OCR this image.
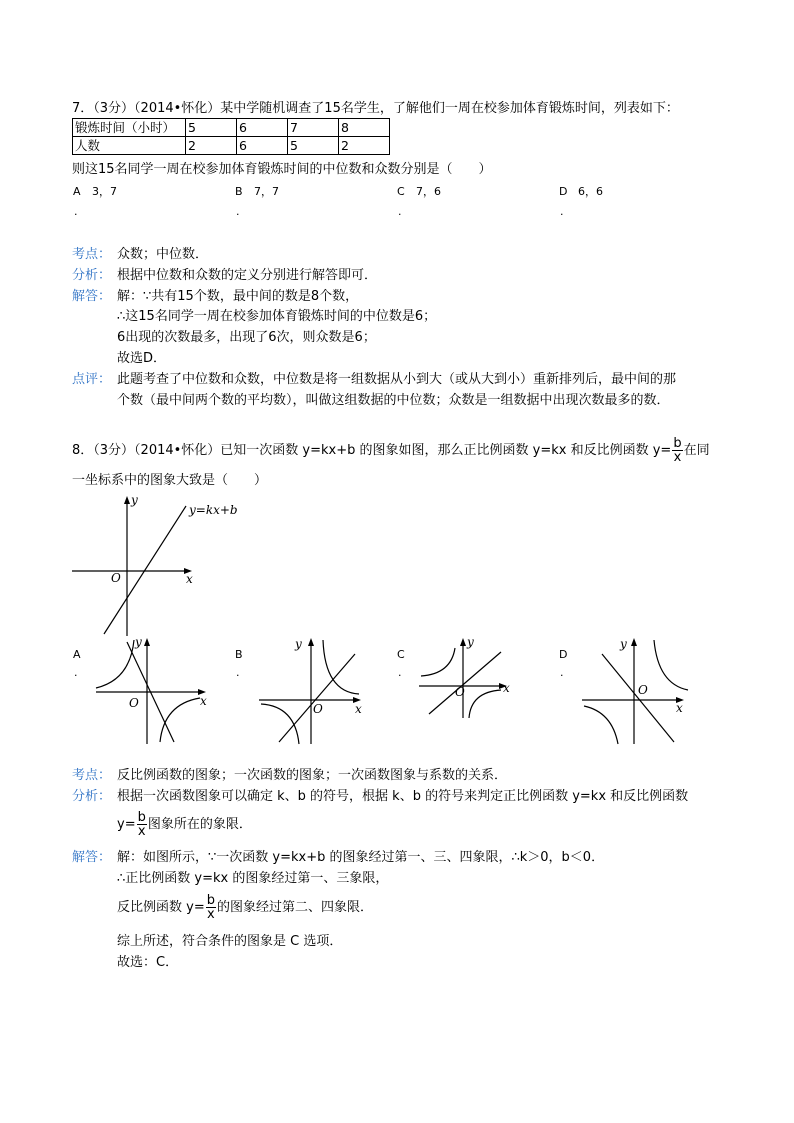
7．（3分）（2014•怀化）某中学随机调查了15名学生，了解他们一周在校参加体育锻炼时间，列表如下：
锻炼时间（小时）	5	6	7	8
人数	2	6	5	2
则这15名同学一周在校参加体育锻炼时间的中位数和众数分别是（　　）
A
.
3，7	B
.
7，7	C
.
7，6	D
.
6，6
考点： 众数；中位数．
分析： 根据中位数和众数的定义分别进行解答即可．
解答： 解：∵共有15个数，最中间的数是8个数，
∴这15名同学一周在校参加体育锻炼时间的中位数是6；
6出现的次数最多，出现了6次，则众数是6；
故选D．
点评： 此题考查了中位数和众数，中位数是将一组数据从小到大（或从大到小）重新排列后，最中间的那
个数（最中间两个数的平均数），叫做这组数据的中位数；众数是一组数据中出现次数最多的数．
8．（3分）（2014•怀化）已知一次函数 y=kx+b 的图象如图，那么正比例函数 y=kx 和反比例函数 $y= \frac{b}{x}$ 在同
一坐标系中的图象大致是（　　）
x
y
O
y=kx+b
A
.
B
.
C
.
D
.
x
y
O	x
y
O
x
y
O
x
y
O
考点： 反比例函数的图象；一次函数的图象；一次函数图象与系数的关系．
分析： 根据一次函数图象可以确定 k、b 的符号，根据 k、b 的符号来判定正比例函数 y=kx 和反比例函数
$y= \frac{b}{x}$ 图象所在的象限．
解答： 解：如图所示，∵一次函数 y=kx+b 的图象经过第一、三、四象限，∴k＞0，b＜0．
∴正比例函数 y=kx 的图象经过第一、三象限，
反比例函数 $y= \frac{b}{x}$ 的图象经过第二、四象限．
综上所述，符合条件的图象是 C 选项．
故选：C．
